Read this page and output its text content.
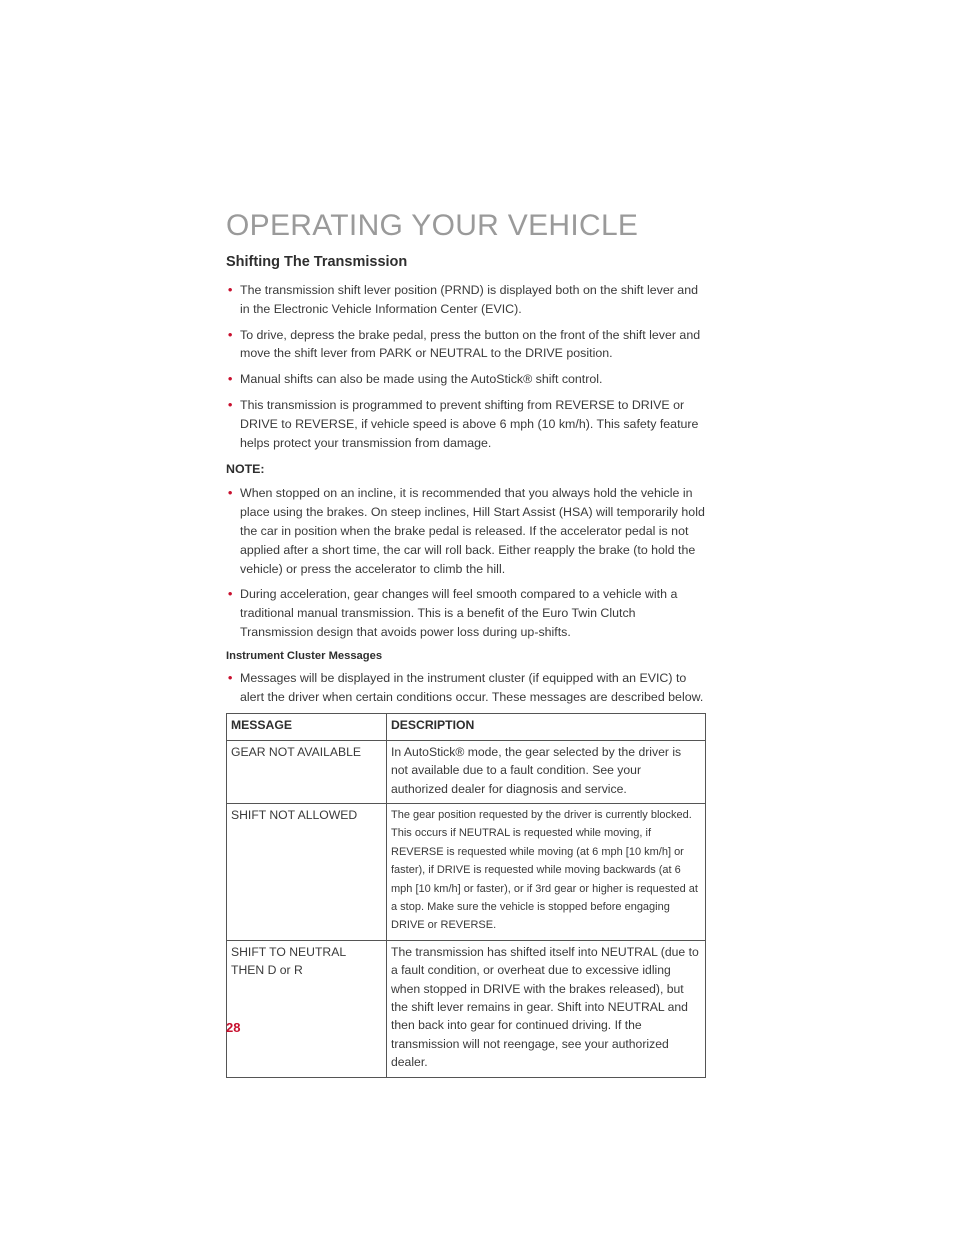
OPERATING YOUR VEHICLE
Shifting The Transmission
• The transmission shift lever position (PRND) is displayed both on the shift lever and in the Electronic Vehicle Information Center (EVIC).
• To drive, depress the brake pedal, press the button on the front of the shift lever and move the shift lever from PARK or NEUTRAL to the DRIVE position.
• Manual shifts can also be made using the AutoStick® shift control.
• This transmission is programmed to prevent shifting from REVERSE to DRIVE or DRIVE to REVERSE, if vehicle speed is above 6 mph (10 km/h). This safety feature helps protect your transmission from damage.
NOTE:
• When stopped on an incline, it is recommended that you always hold the vehicle in place using the brakes. On steep inclines, Hill Start Assist (HSA) will temporarily hold the car in position when the brake pedal is released. If the accelerator pedal is not applied after a short time, the car will roll back. Either reapply the brake (to hold the vehicle) or press the accelerator to climb the hill.
• During acceleration, gear changes will feel smooth compared to a vehicle with a traditional manual transmission. This is a benefit of the Euro Twin Clutch Transmission design that avoids power loss during up-shifts.
Instrument Cluster Messages
• Messages will be displayed in the instrument cluster (if equipped with an EVIC) to alert the driver when certain conditions occur. These messages are described below.
MESSAGE	DESCRIPTION
GEAR NOT AVAILABLE	In AutoStick® mode, the gear selected by the driver is not available due to a fault condition. See your authorized dealer for diagnosis and service.
SHIFT NOT ALLOWED	The gear position requested by the driver is currently blocked. This occurs if NEUTRAL is requested while moving, if REVERSE is requested while moving (at 6 mph [10 km/h] or faster), if DRIVE is requested while moving backwards (at 6 mph [10 km/h] or faster), or if 3rd gear or higher is requested at a stop. Make sure the vehicle is stopped before engaging DRIVE or REVERSE.
SHIFT TO NEUTRAL THEN D or R	The transmission has shifted itself into NEUTRAL (due to a fault condition, or overheat due to excessive idling when stopped in DRIVE with the brakes released), but the shift lever remains in gear. Shift into NEUTRAL and then back into gear for continued driving. If the transmission will not reengage, see your authorized dealer.
28
